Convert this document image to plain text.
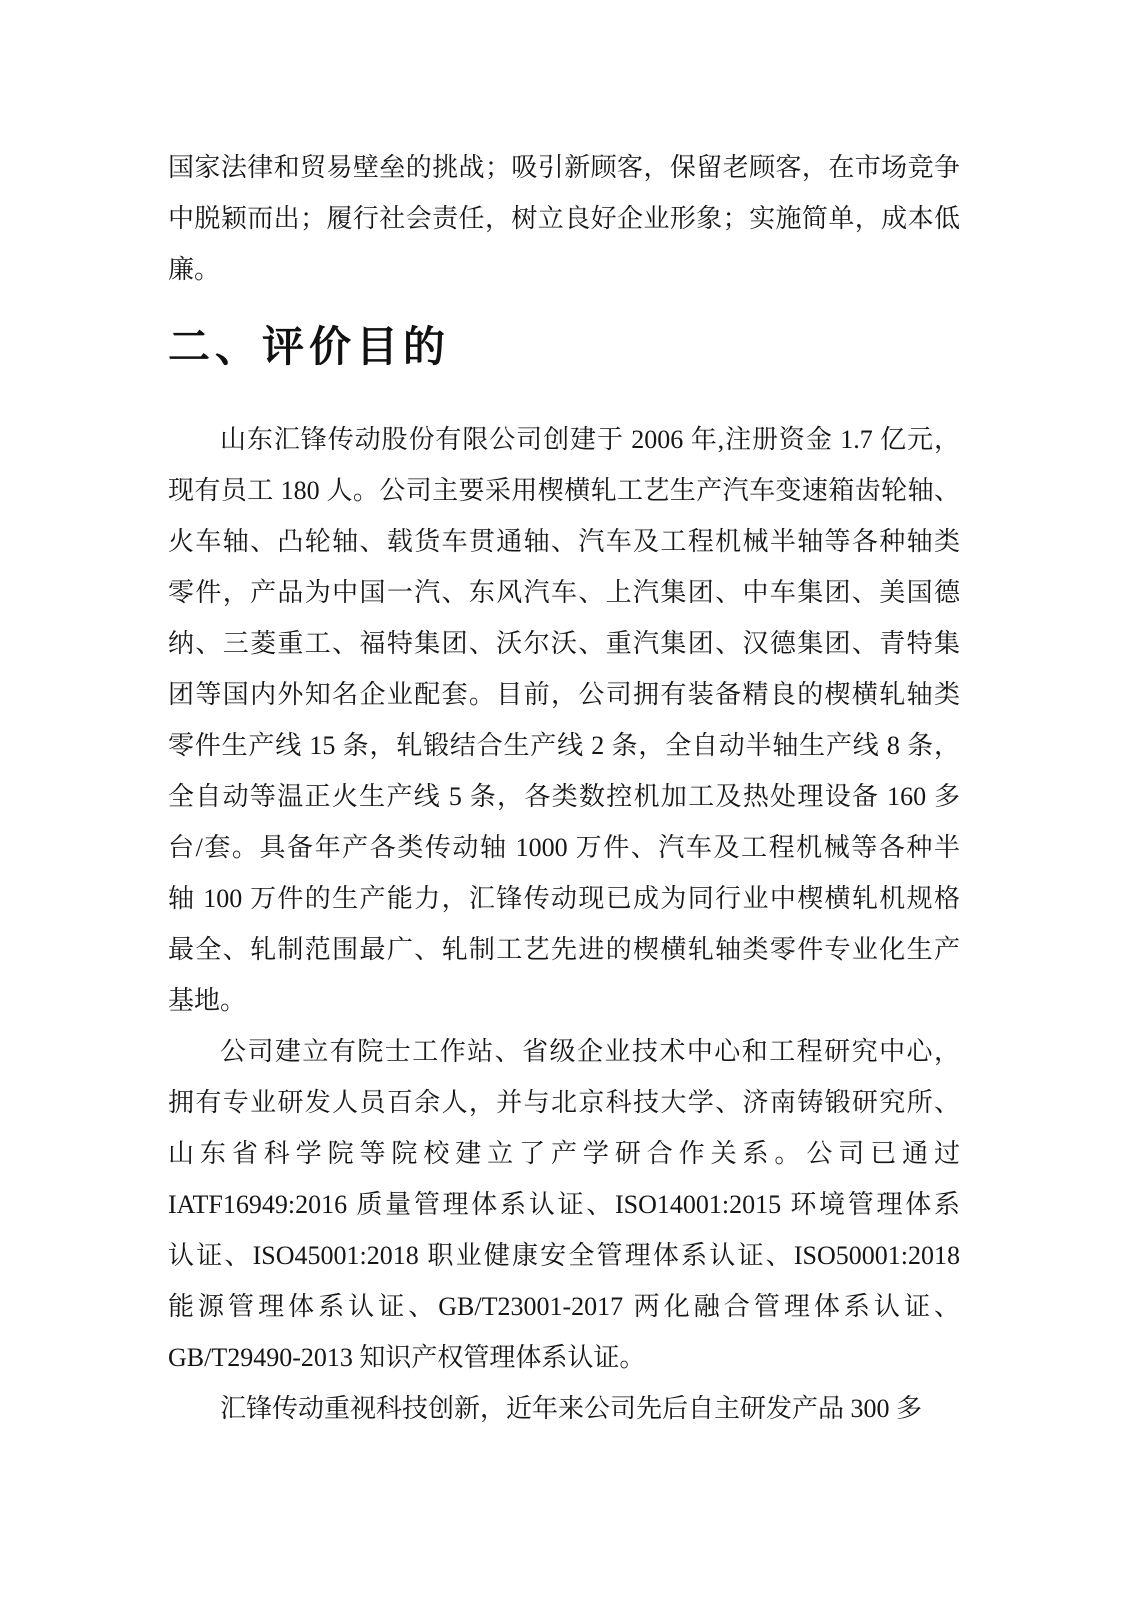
国家法律和贸易壁垒的挑战；吸引新顾客，保留老顾客，在市场竞争
中脱颖而出；履行社会责任，树立良好企业形象；实施简单，成本低
廉。
二、评价目的
山东汇锋传动股份有限公司创建于 2006 年,注册资金 1.7 亿元，
现有员工 180 人。公司主要采用楔横轧工艺生产汽车变速箱齿轮轴、
火车轴、凸轮轴、载货车贯通轴、汽车及工程机械半轴等各种轴类
零件，产品为中国一汽、东风汽车、上汽集团、中车集团、美国德
纳、三菱重工、福特集团、沃尔沃、重汽集团、汉德集团、青特集
团等国内外知名企业配套。目前，公司拥有装备精良的楔横轧轴类
零件生产线 15 条，轧锻结合生产线 2 条，全自动半轴生产线 8 条，
全自动等温正火生产线 5 条，各类数控机加工及热处理设备 160 多
台/套。具备年产各类传动轴 1000 万件、汽车及工程机械等各种半
轴 100 万件的生产能力，汇锋传动现已成为同行业中楔横轧机规格
最全、轧制范围最广、轧制工艺先进的楔横轧轴类零件专业化生产
基地。
公司建立有院士工作站、省级企业技术中心和工程研究中心，
拥有专业研发人员百余人，并与北京科技大学、济南铸锻研究所、
山东省科学院等院校建立了产学研合作关系。公司已通过
IATF16949:2016 质量管理体系认证、ISO14001:2015 环境管理体系
认证、ISO45001:2018 职业健康安全管理体系认证、ISO50001:2018
能源管理体系认证、GB/T23001-2017 两化融合管理体系认证、
GB/T29490-2013 知识产权管理体系认证。
汇锋传动重视科技创新，近年来公司先后自主研发产品 300 多
